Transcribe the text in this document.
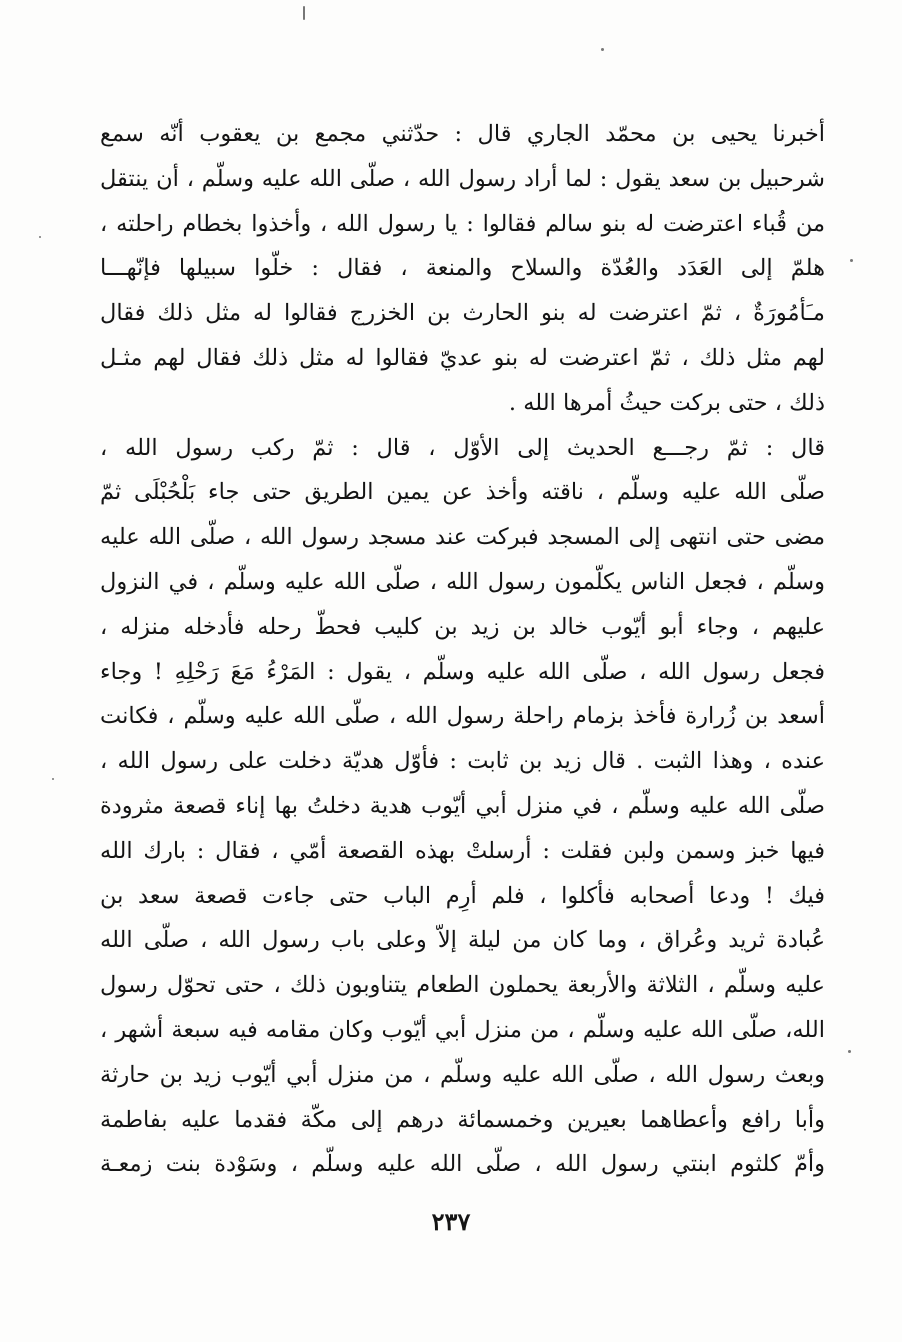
أخبرنا يحيى بن محمّد الجاري قال : حدّثني مجمع بن يعقوب أنّه سمع
شرحبيل بن سعد يقول : لما أراد رسول الله ، صلّى الله عليه وسلّم ، أن ينتقل
من قُباء اعترضت له بنو سالم فقالوا : يا رسول الله ، وأخذوا بخطام راحلته ،
هلمّ إلى العَدَد والعُدّة والسلاح والمنعة ، فقال : خلّوا سبيلها فإنّهـــا
مـَأمُورَةٌ ، ثمّ اعترضت له بنو الحارث بن الخزرج فقالوا له مثل ذلك فقال
لهم مثل ذلك ، ثمّ اعترضت له بنو عديّ فقالوا له مثل ذلك فقال لهم مثـل
ذلك ، حتى بركت حيثُ أمرها الله .
قال : ثمّ رجـــع الحديث إلى الأوّل ، قال : ثمّ ركب رسول الله ،
صلّى الله عليه وسلّم ، ناقته وأخذ عن يمين الطريق حتى جاء بَلْحُبْلَى ثمّ
مضى حتى انتهى إلى المسجد فبركت عند مسجد رسول الله ، صلّى الله عليه
وسلّم ، فجعل الناس يكلّمون رسول الله ، صلّى الله عليه وسلّم ، في النزول
عليهم ، وجاء أبو أيّوب خالد بن زيد بن كليب فحطّ رحله فأدخله منزله ،
فجعل رسول الله ، صلّى الله عليه وسلّم ، يقول : المَرْءُ مَعَ رَحْلِهِ ! وجاء
أسعد بن زُرارة فأخذ بزمام راحلة رسول الله ، صلّى الله عليه وسلّم ، فكانت
عنده ، وهذا الثبت . قال زيد بن ثابت : فأوّل هديّة دخلت على رسول الله ،
صلّى الله عليه وسلّم ، في منزل أبي أيّوب هدية دخلتُ بها إناء قصعة مثرودة
فيها خبز وسمن ولبن فقلت : أرسلتْ بهذه القصعة أمّي ، فقال : بارك الله
فيك ! ودعا أصحابه فأكلوا ، فلم أرِم الباب حتى جاءت قصعة سعد بن
عُبادة ثريد وعُراق ، وما كان من ليلة إلاّ وعلى باب رسول الله ، صلّى الله
عليه وسلّم ، الثلاثة والأربعة يحملون الطعام يتناوبون ذلك ، حتى تحوّل رسول
الله، صلّى الله عليه وسلّم ، من منزل أبي أيّوب وكان مقامه فيه سبعة أشهر ،
وبعث رسول الله ، صلّى الله عليه وسلّم ، من منزل أبي أيّوب زيد بن حارثة
وأبا رافع وأعطاهما بعيرين وخمسمائة درهم إلى مكّة فقدما عليه بفاطمة
وأمّ كلثوم ابنتي رسول الله ، صلّى الله عليه وسلّم ، وسَوْدة بنت زمعـة
٢٣٧
